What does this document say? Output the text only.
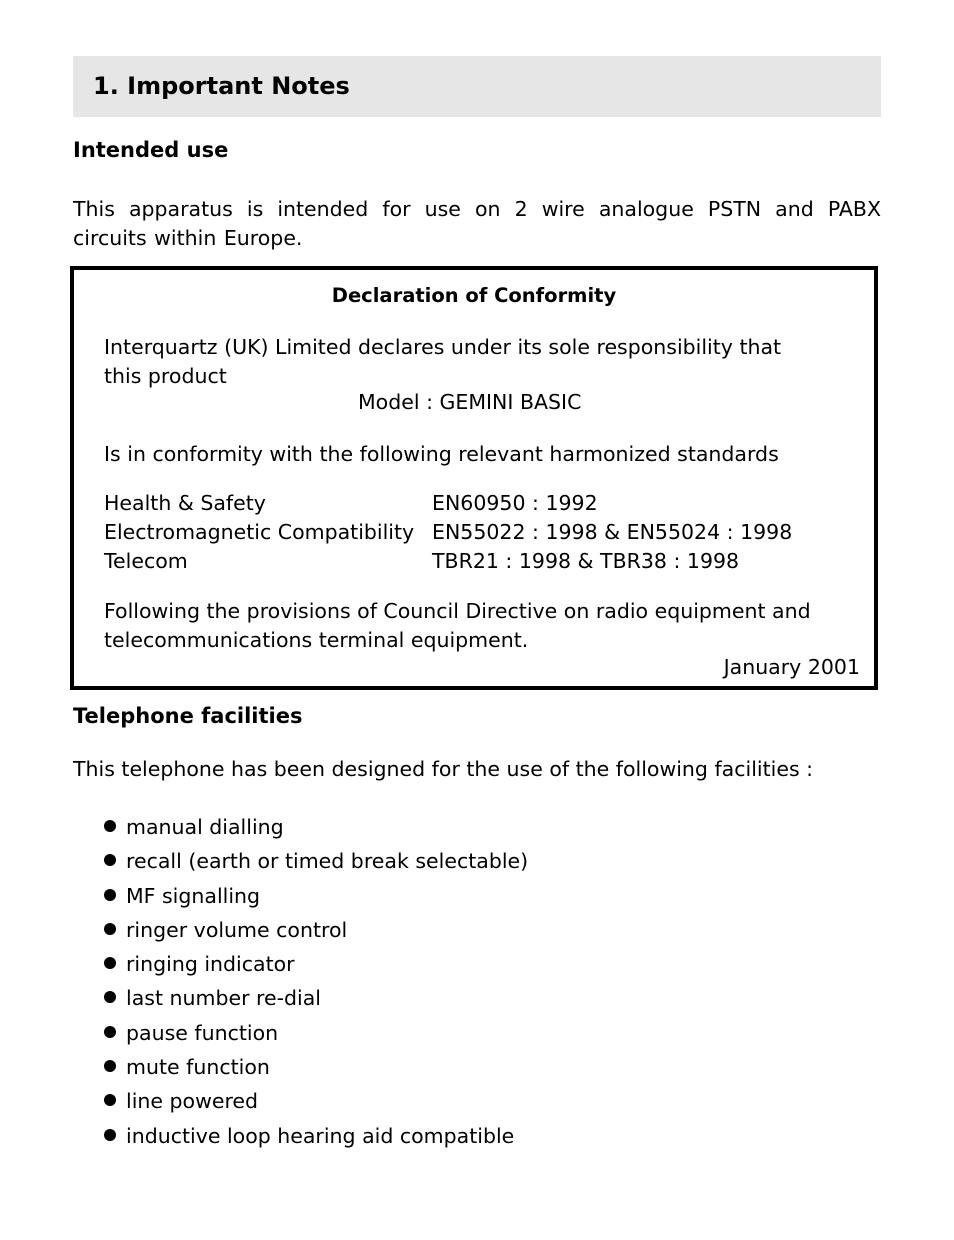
1. Important Notes
Intended use
This apparatus is intended for use on 2 wire analogue PSTN and PABX circuits within Europe.
Declaration of Conformity
Interquartz (UK) Limited declares under its sole responsibility that this product
Model : GEMINI BASIC
Is in conformity with the following relevant harmonized standards
Health & Safety	EN60950 : 1992
Electromagnetic Compatibility	EN55022 : 1998 & EN55024 : 1998
Telecom	TBR21 : 1998 & TBR38 : 1998
Following the provisions of Council Directive on radio equipment and telecommunications terminal equipment.
January 2001
Telephone facilities
This telephone has been designed for the use of the following facilities :
manual dialling
recall (earth or timed break selectable)
MF signalling
ringer volume control
ringing indicator
last number re-dial
pause function
mute function
line powered
inductive loop hearing aid compatible
